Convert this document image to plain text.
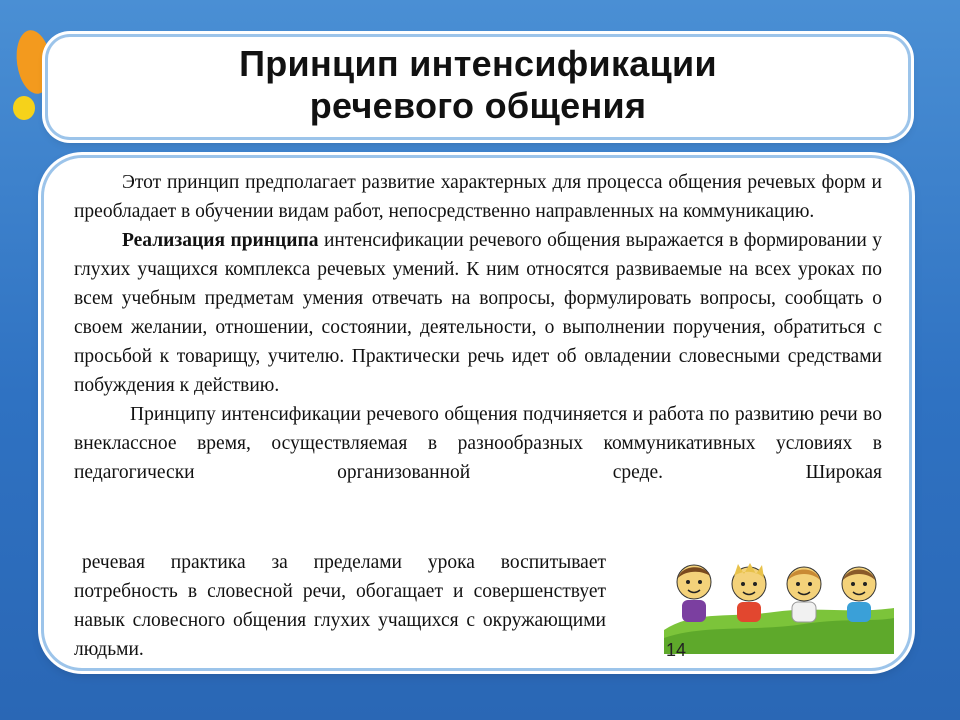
Принцип интенсификации
речевого общения

Этот принцип предполагает развитие характерных для процесса общения речевых форм и преобладает в обучении видам работ, непосредственно направленных на коммуникацию.

Реализация принципа интенсификации речевого общения выражается в формировании у глухих учащихся комплекса речевых умений. К ним относятся развиваемые на всех уроках по всем учебным предметам умения отвечать на вопросы, формулировать вопросы, сообщать о своем желании, отношении, состоянии, деятельности, о выполнении поручения, обратиться с просьбой к товарищу, учителю. Практически речь идет об овладении словесными средствами побуждения к действию.

Принципу интенсификации речевого общения подчиняется и работа по развитию речи во внеклассное время, осуществляемая в разнообразных коммуникативных условиях в педагогически организованной среде. Широкая

речевая практика за пределами урока воспитывает потребность в словесной речи, обогащает и совершенствует навык словесного общения глухих учащихся с окружающими людьми.	14
